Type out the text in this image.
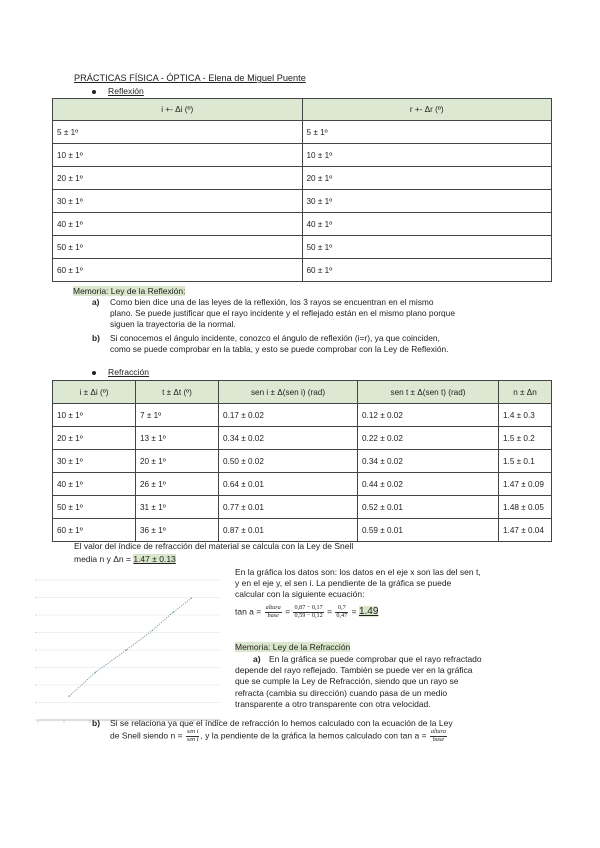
PRÁCTICAS FÍSICA - ÓPTICA - Elena de Miguel Puente
Reflexión
i +- Δi (º)	r +- Δr (º)
5 ± 1º	5 ± 1º
10 ± 1º	10 ± 1º
20 ± 1º	20 ± 1º
30 ± 1º	30 ± 1º
40 ± 1º	40 ± 1º
50 ± 1º	50 ± 1º
60 ± 1º	60 ± 1º
Memoria: Ley de la Reflexión:
a) Como bien dice una de las leyes de la reflexión, los 3 rayos se encuentran en el mismo
plano. Se puede justificar que el rayo incidente y el reflejado están en el mismo plano porque
siguen la trayectoria de la normal.
b) Si conocemos el ángulo incidente, conozco el ángulo de reflexión (i=r), ya que coinciden,
como se puede comprobar en la tabla, y esto se puede comprobar con la Ley de Reflexión.
Refracción
i ± Δi (º)	t ± Δt (º)	sen i ± Δ(sen i) (rad)	sen t ± Δ(sen t) (rad)	n ± Δn
10 ± 1º	7 ± 1º	0.17 ± 0.02	0.12 ± 0.02	1.4 ± 0.3
20 ± 1º	13 ± 1º	0.34 ± 0.02	0.22 ± 0.02	1.5 ± 0.2
30 ± 1º	20 ± 1º	0.50 ± 0.02	0.34 ± 0.02	1.5 ± 0.1
40 ± 1º	26 ± 1º	0.64 ± 0.01	0.44 ± 0.02	1.47 ± 0.09
50 ± 1º	31 ± 1º	0.77 ± 0.01	0.52 ± 0.01	1.48 ± 0.05
60 ± 1º	36 ± 1º	0.87 ± 0.01	0.59 ± 0.01	1.47 ± 0.04
El valor del índice de refracción del material se calcula con la Ley de Snell
media n y Δn = 1.47 ± 0.13
En la gráfica los datos son: los datos en el eje x son las del sen t,
y en el eje y, el sen i. La pendiente de la gráfica se puede
calcular con la siguiente ecuación:
$\tan a = \frac{\text{altura}}{\text{base}} = \frac{0,87 - 0,17}{0,59 - 0,12} = \frac{0,7}{0,47} = 1.49$
Memoria: Ley de la Refracción
a) En la gráfica se puede comprobar que el rayo refractado
depende del rayo reflejado. También se puede ver en la gráfica
que se cumple la Ley de Refracción, siendo que un rayo se
refracta (cambia su dirección) cuando pasa de un medio
transparente a otro transparente con otra velocidad.
b) Si se relaciona ya que el índice de refracción lo hemos calculado con la ecuación de la Ley
de Snell siendo $n = \frac{\text{sen i}}{\text{sen t}}$ , y la pendiente de la gráfica la hemos calculado con $\tan a = \frac{\text{altura}}{\text{base}}$
